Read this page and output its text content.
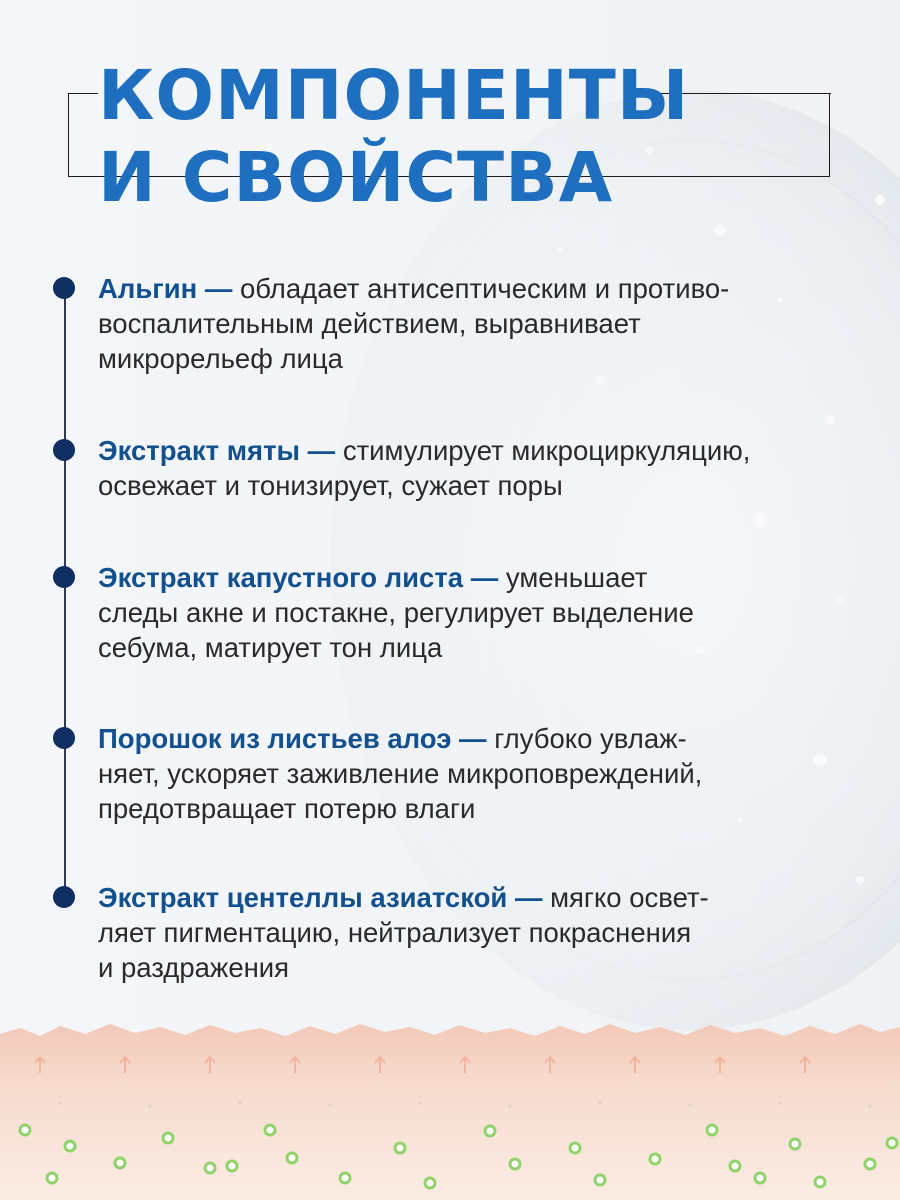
КОМПОНЕНТЫ
И СВОЙСТВА
Альгин — обладает антисептическим и противо-
воспалительным действием, выравнивает
микрорельеф лица
Экстракт мяты — стимулирует микроциркуляцию,
освежает и тонизирует, сужает поры
Экстракт капустного листа — уменьшает
следы акне и постакне, регулирует выделение
себума, матирует тон лица
Порошок из листьев алоэ — глубоко увлаж-
няет, ускоряет заживление микроповреждений,
предотвращает потерю влаги
Экстракт центеллы азиатской — мягко освет-
ляет пигментацию, нейтрализует покраснения
и раздражения
